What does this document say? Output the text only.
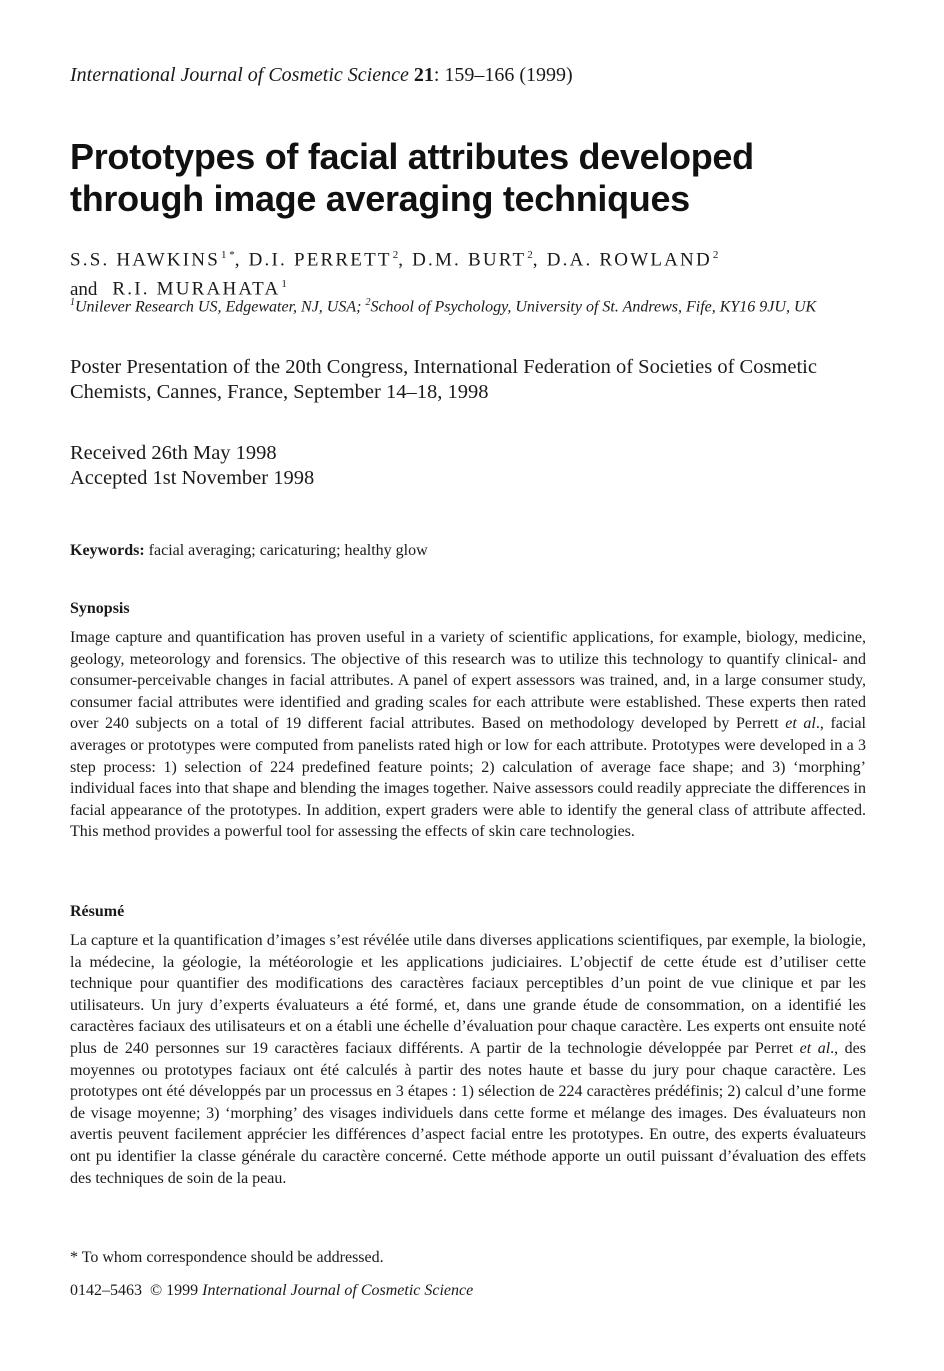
International Journal of Cosmetic Science 21: 159–166 (1999)
Prototypes of facial attributes developed through image averaging techniques
S.S. $HAWKINS^{1 *}$, D.I. PERRETT$^2$, D.M. BURT$^2$, D.A. ROWLAND$^2$
and R.I. MURAHATA$^1$
$^1$Unilever Research US, Edgewater, NJ, USA; $^2$School of Psychology, University of St. Andrews, Fife, KY16 9JU, UK
Poster Presentation of the 20th Congress, International Federation of Societies of Cosmetic Chemists, Cannes, France, September 14–18, 1998
Received 26th May 1998
Accepted 1st November 1998
Keywords: facial averaging; caricaturing; healthy glow
Synopsis

Image capture and quantification has proven useful in a variety of scientific applications, for example, biology, medicine, geology, meteorology and forensics. The objective of this research was to utilize this technology to quantify clinical- and consumer-perceivable changes in facial attributes. A panel of expert assessors was trained, and, in a large consumer study, consumer facial attributes were identified and grading scales for each attribute were established. These experts then rated over 240 subjects on a total of 19 different facial attributes. Based on methodology developed by Perrett et al., facial averages or prototypes were computed from panelists rated high or low for each attribute. Prototypes were developed in a 3 step process: 1) selection of 224 predefined feature points; 2) calculation of average face shape; and 3) ‘morphing’ individual faces into that shape and blending the images together. Naive assessors could readily appreciate the differences in facial appearance of the prototypes. In addition, expert graders were able to identify the general class of attribute affected. This method provides a powerful tool for assessing the effects of skin care technologies.

Résumé

La capture et la quantification d’images s’est révélée utile dans diverses applications scientifiques, par exemple, la biologie, la médecine, la géologie, la météorologie et les applications judiciaires. L’objectif de cette étude est d’utiliser cette technique pour quantifier des modifications des caractères faciaux perceptibles d’un point de vue clinique et par les utilisateurs. Un jury d’experts évaluateurs a été formé, et, dans une grande étude de consommation, on a identifié les caractères faciaux des utilisateurs et on a établi une échelle d’évaluation pour chaque caractère. Les experts ont ensuite noté plus de 240 personnes sur 19 caractères faciaux différents. A partir de la technologie développée par Perret et al., des moyennes ou prototypes faciaux ont été calculés à partir des notes haute et basse du jury pour chaque caractère. Les prototypes ont été développés par un processus en 3 étapes : 1) sélection de 224 caractères prédéfinis; 2) calcul d’une forme de visage moyenne; 3) ‘morphing’ des visages individuels dans cette forme et mélange des images. Des évaluateurs non avertis peuvent facilement apprécier les différences d’aspect facial entre les prototypes. En outre, des experts évaluateurs ont pu identifier la classe générale du caractère concerné. Cette méthode apporte un outil puissant d’évaluation des effets des techniques de soin de la peau.

* To whom correspondence should be addressed.
0142–5463 © 1999 International Journal of Cosmetic Science
